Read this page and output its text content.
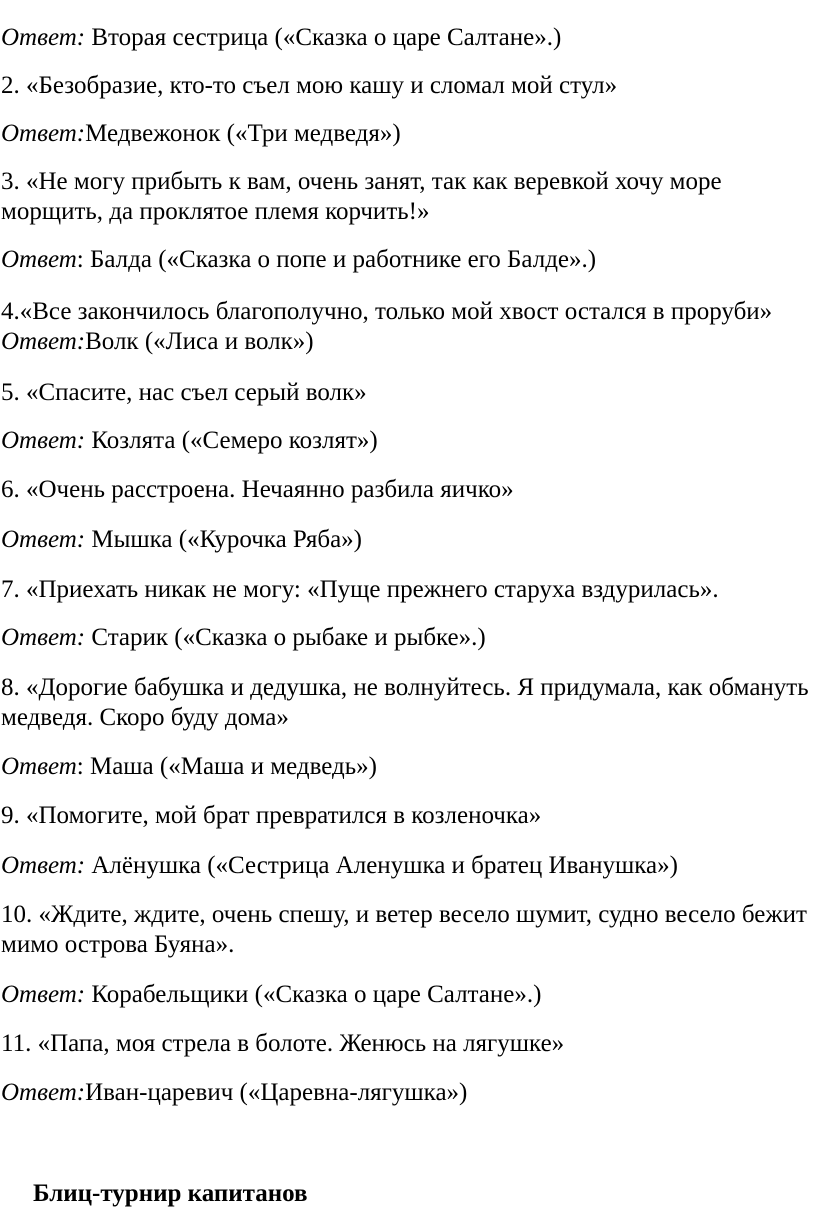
Ответ: Вторая сестрица («Сказка о царе Салтане».)

2. «Безобразие, кто-то съел мою кашу и сломал мой стул»

Ответ:Медвежонок («Три медведя»)

3. «Не могу прибыть к вам, очень занят, так как веревкой хочу море морщить, да проклятое племя корчить!»

Ответ: Балда («Сказка о попе и работнике его Балде».)

4.«Все закончилось благополучно, только мой хвост остался в проруби» Ответ:Волк («Лиса и волк»)

5. «Спасите, нас съел серый волк»

Ответ: Козлята («Семеро козлят»)

6. «Очень расстроена. Нечаянно разбила яичко»

Ответ: Мышка («Курочка Ряба»)

7. «Приехать никак не могу: «Пуще прежнего старуха вздурилась».

Ответ: Старик («Сказка о рыбаке и рыбке».)

8. «Дорогие бабушка и дедушка, не волнуйтесь. Я придумала, как обмануть медведя. Скоро буду дома»

Ответ: Маша («Маша и медведь»)

9. «Помогите, мой брат превратился в козленочка»

Ответ: Алёнушка («Сестрица Аленушка и братец Иванушка»)

10. «Ждите, ждите, очень спешу, и ветер весело шумит, судно весело бежит мимо острова Буяна».

Ответ: Корабельщики («Сказка о царе Салтане».)

11. «Папа, моя стрела в болоте. Женюсь на лягушке»

Ответ:Иван-царевич («Царевна-лягушка»)

Блиц-турнир капитанов
